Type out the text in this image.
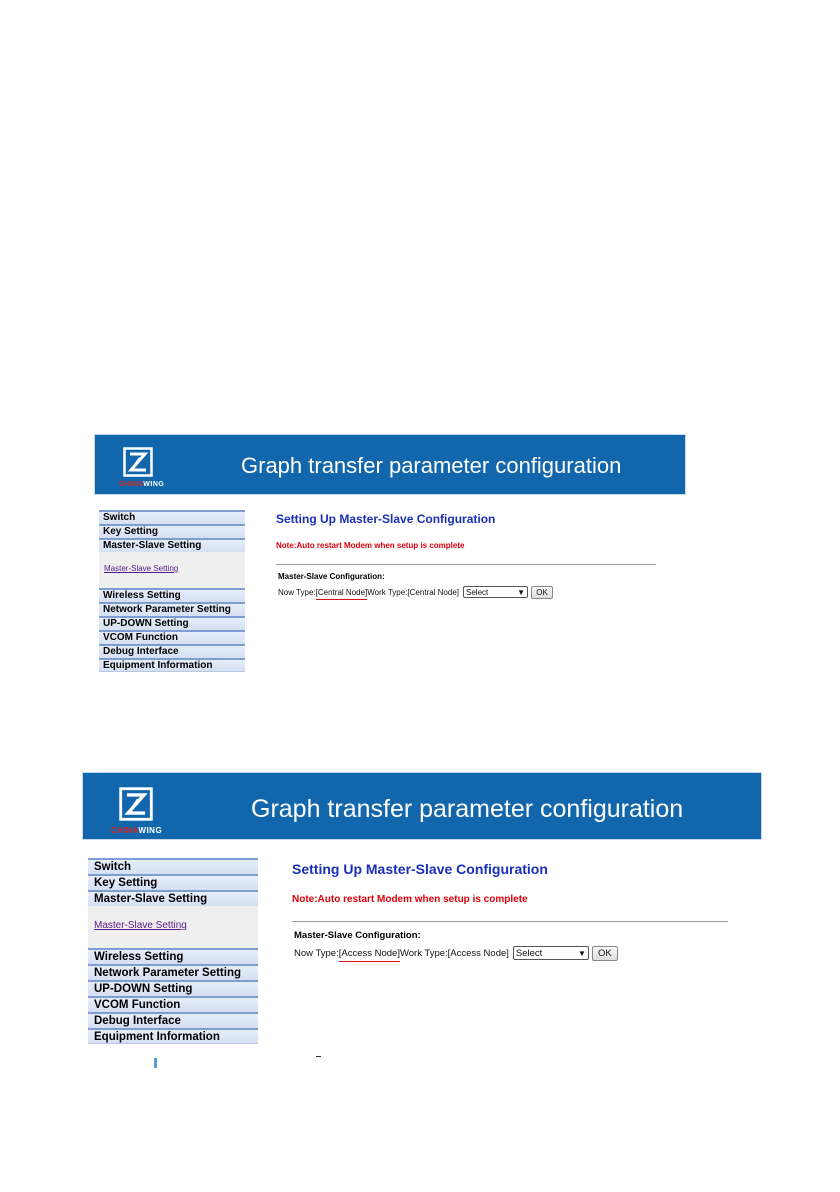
CHINAWING
Graph transfer parameter configuration
Switch
Key Setting
Master-Slave Setting
Master-Slave Setting
Wireless Setting
Network Parameter Setting
UP-DOWN Setting
VCOM Function
Debug Interface
Equipment Information
Setting Up Master-Slave Configuration
Note:Auto restart Modem when setup is complete
Master-Slave Configuration:
Now Type: [Central Node] Work Type:[Central Node] Select	▼	OK
CHINAWING
Graph transfer parameter configuration
Switch
Key Setting
Master-Slave Setting
Master-Slave Setting
Wireless Setting
Network Parameter Setting
UP-DOWN Setting
VCOM Function
Debug Interface
Equipment Information
Setting Up Master-Slave Configuration
Note:Auto restart Modem when setup is complete
Master-Slave Configuration:
Now Type: [Access Node] Work Type:[Access Node] Select	▼	OK
